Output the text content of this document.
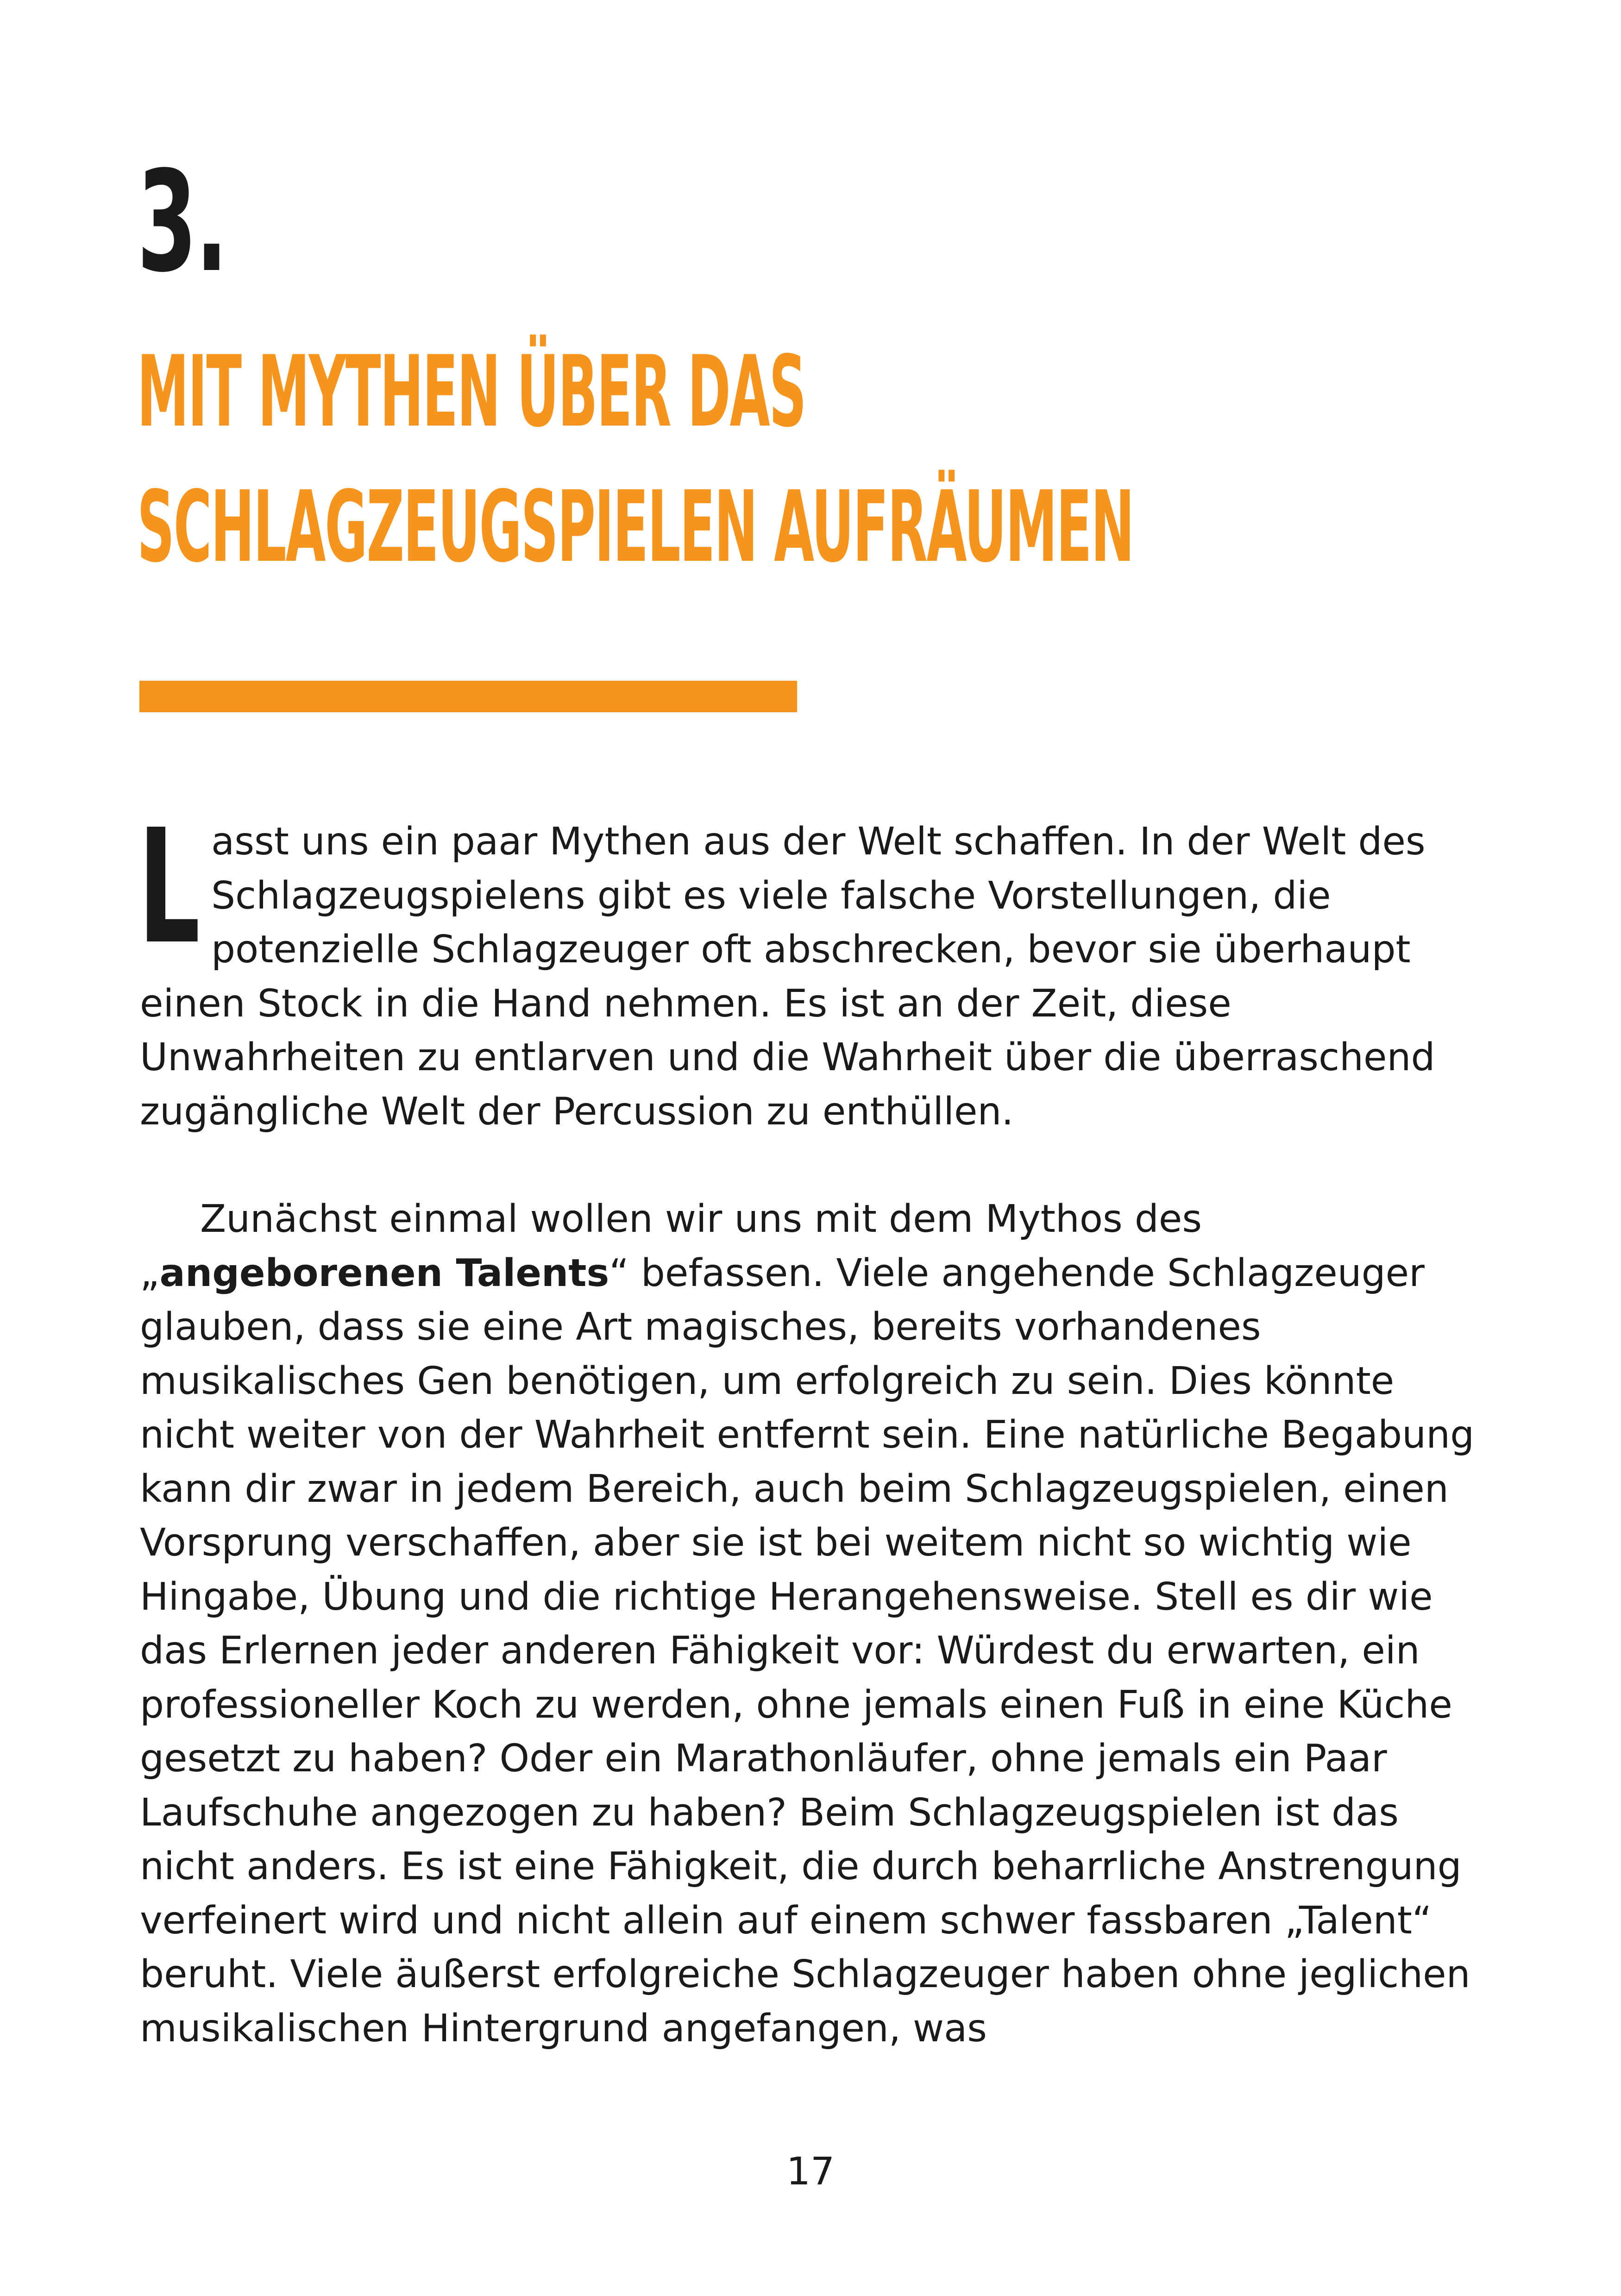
3.
MIT MYTHEN ÜBER DAS
SCHLAGZEUGSPIELEN AUFRÄUMEN

L asst uns ein paar Mythen aus der Welt schaffen. In der Welt des
Schlagzeugspielens gibt es viele falsche Vorstellungen, die
potenzielle Schlagzeuger oft abschrecken, bevor sie überhaupt einen Stock in die Hand nehmen. Es ist an der Zeit, diese Unwahrheiten zu entlarven und die Wahrheit über die überraschend zugängliche Welt der Percussion zu enthüllen.

Zunächst einmal wollen wir uns mit dem Mythos des
„angeborenen Talents“ befassen. Viele angehende Schlagzeuger glauben, dass sie eine Art magisches, bereits vorhandenes musikalisches Gen benötigen, um erfolgreich zu sein. Dies könnte nicht weiter von der Wahrheit entfernt sein. Eine natürliche Begabung kann dir zwar in jedem Bereich, auch beim Schlagzeugspielen, einen Vorsprung verschaffen, aber sie ist bei weitem nicht so wichtig wie Hingabe, Übung und die richtige Herangehensweise. Stell es dir wie das Erlernen jeder anderen Fähigkeit vor: Würdest du erwarten, ein professioneller Koch zu werden, ohne jemals einen Fuß in eine Küche gesetzt zu haben? Oder ein Marathonläufer, ohne jemals ein Paar Laufschuhe angezogen zu haben? Beim Schlagzeugspielen ist das nicht anders. Es ist eine Fähigkeit, die durch beharrliche Anstrengung verfeinert wird und nicht allein auf einem schwer fassbaren „Talent“ beruht. Viele äußerst erfolgreiche Schlagzeuger haben ohne jeglichen musikalischen Hintergrund angefangen, was

17
